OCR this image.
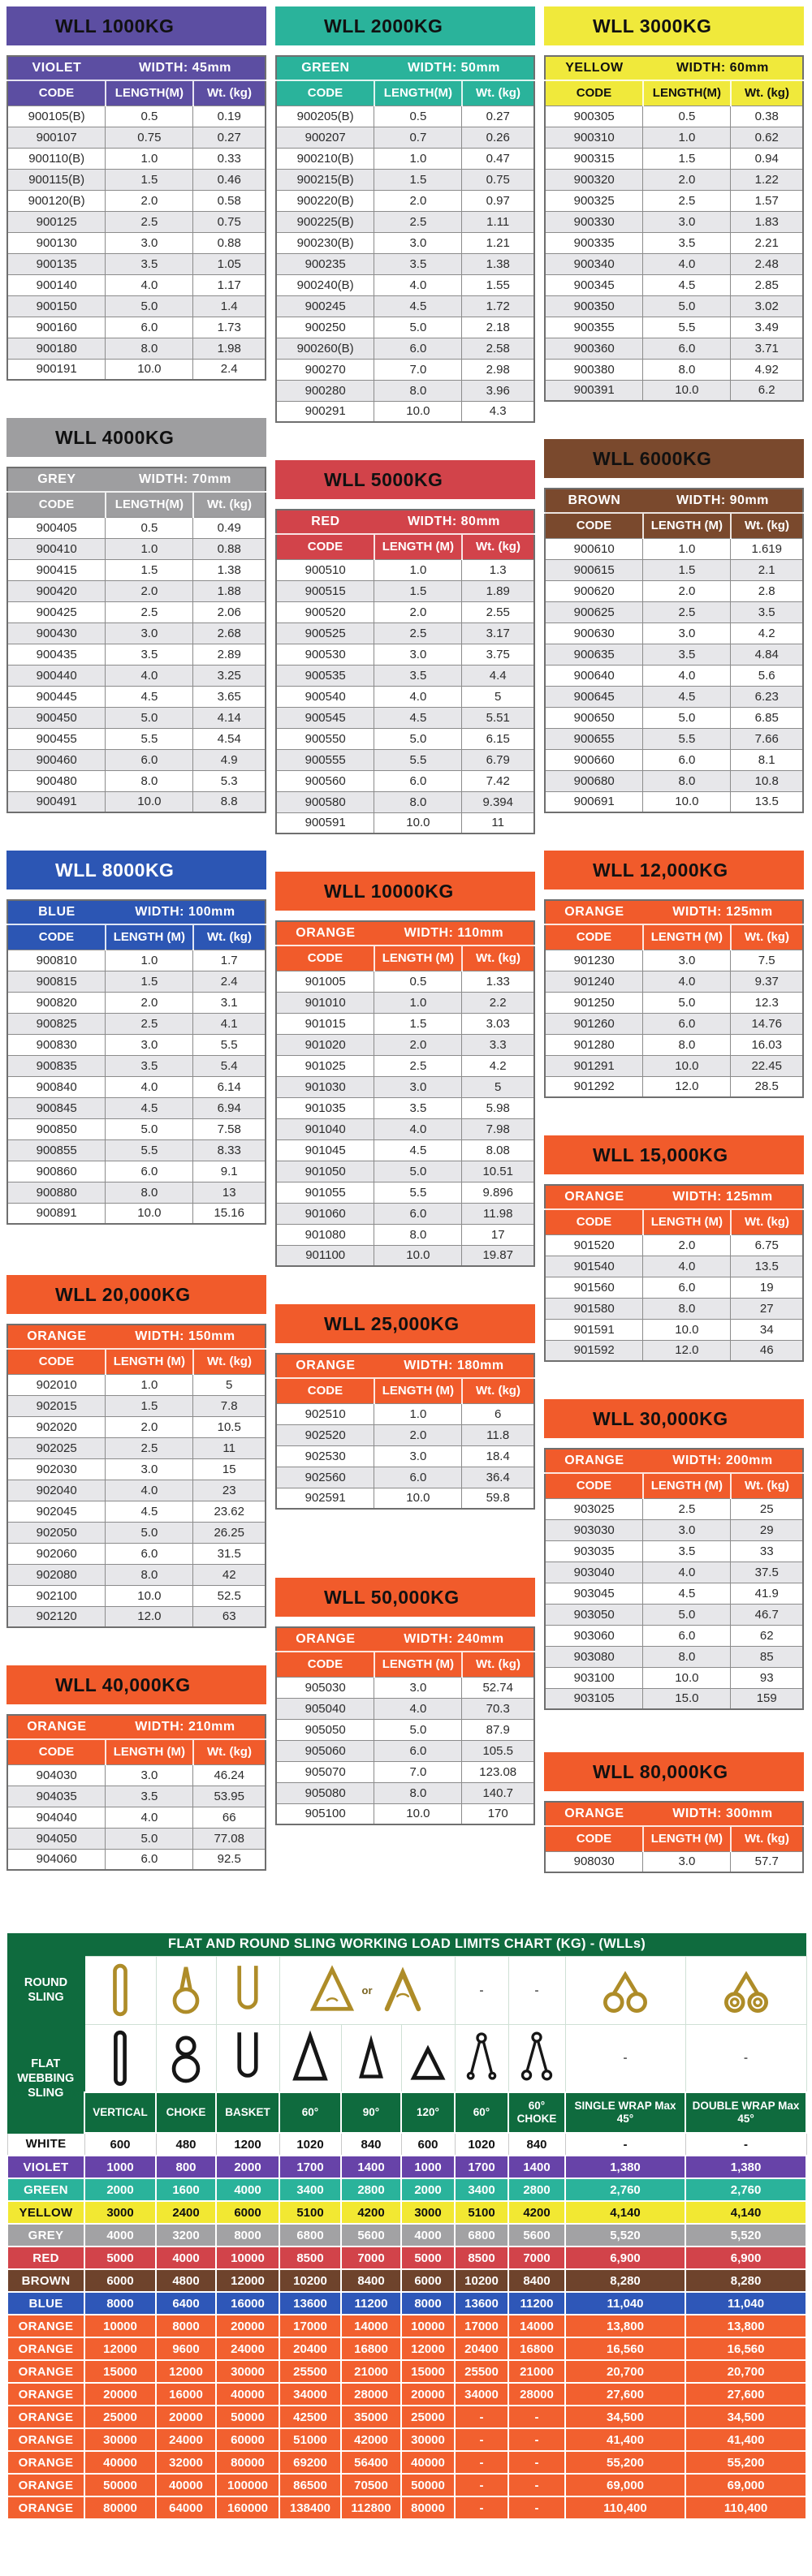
WLL 1000KG
VIOLET	WIDTH: 45mm	
CODE	LENGTH(M)	Wt. (kg)
900105(B)	0.5	0.19
900107	0.75	0.27
900110(B)	1.0	0.33
900115(B)	1.5	0.46
900120(B)	2.0	0.58
900125	2.5	0.75
900130	3.0	0.88
900135	3.5	1.05
900140	4.0	1.17
900150	5.0	1.4
900160	6.0	1.73
900180	8.0	1.98
900191	10.0	2.4
WLL 4000KG
GREY	WIDTH: 70mm	
CODE	LENGTH(M)	Wt. (kg)
900405	0.5	0.49
900410	1.0	0.88
900415	1.5	1.38
900420	2.0	1.88
900425	2.5	2.06
900430	3.0	2.68
900435	3.5	2.89
900440	4.0	3.25
900445	4.5	3.65
900450	5.0	4.14
900455	5.5	4.54
900460	6.0	4.9
900480	8.0	5.3
900491	10.0	8.8
WLL 8000KG
BLUE	WIDTH: 100mm	
CODE	LENGTH (M)	Wt. (kg)
900810	1.0	1.7
900815	1.5	2.4
900820	2.0	3.1
900825	2.5	4.1
900830	3.0	5.5
900835	3.5	5.4
900840	4.0	6.14
900845	4.5	6.94
900850	5.0	7.58
900855	5.5	8.33
900860	6.0	9.1
900880	8.0	13
900891	10.0	15.16
WLL 20,000KG
ORANGE	WIDTH: 150mm	
CODE	LENGTH (M)	Wt. (kg)
902010	1.0	5
902015	1.5	7.8
902020	2.0	10.5
902025	2.5	11
902030	3.0	15
902040	4.0	23
902045	4.5	23.62
902050	5.0	26.25
902060	6.0	31.5
902080	8.0	42
902100	10.0	52.5
902120	12.0	63
WLL 40,000KG
ORANGE	WIDTH: 210mm	
CODE	LENGTH (M)	Wt. (kg)
904030	3.0	46.24
904035	3.5	53.95
904040	4.0	66
904050	5.0	77.08
904060	6.0	92.5
WLL 2000KG
GREEN	WIDTH: 50mm	
CODE	LENGTH(M)	Wt. (kg)
900205(B)	0.5	0.27
900207	0.7	0.26
900210(B)	1.0	0.47
900215(B)	1.5	0.75
900220(B)	2.0	0.97
900225(B)	2.5	1.11
900230(B)	3.0	1.21
900235	3.5	1.38
900240(B)	4.0	1.55
900245	4.5	1.72
900250	5.0	2.18
900260(B)	6.0	2.58
900270	7.0	2.98
900280	8.0	3.96
900291	10.0	4.3
WLL 5000KG
RED	WIDTH: 80mm	
CODE	LENGTH (M)	Wt. (kg)
900510	1.0	1.3
900515	1.5	1.89
900520	2.0	2.55
900525	2.5	3.17
900530	3.0	3.75
900535	3.5	4.4
900540	4.0	5
900545	4.5	5.51
900550	5.0	6.15
900555	5.5	6.79
900560	6.0	7.42
900580	8.0	9.394
900591	10.0	11
WLL 10000KG
ORANGE	WIDTH: 110mm	
CODE	LENGTH (M)	Wt. (kg)
901005	0.5	1.33
901010	1.0	2.2
901015	1.5	3.03
901020	2.0	3.3
901025	2.5	4.2
901030	3.0	5
901035	3.5	5.98
901040	4.0	7.98
901045	4.5	8.08
901050	5.0	10.51
901055	5.5	9.896
901060	6.0	11.98
901080	8.0	17
901100	10.0	19.87
WLL 25,000KG
ORANGE	WIDTH: 180mm	
CODE	LENGTH (M)	Wt. (kg)
902510	1.0	6
902520	2.0	11.8
902530	3.0	18.4
902560	6.0	36.4
902591	10.0	59.8
WLL 50,000KG
ORANGE	WIDTH: 240mm	
CODE	LENGTH (M)	Wt. (kg)
905030	3.0	52.74
905040	4.0	70.3
905050	5.0	87.9
905060	6.0	105.5
905070	7.0	123.08
905080	8.0	140.7
905100	10.0	170
WLL 3000KG
YELLOW	WIDTH: 60mm	
CODE	LENGTH(M)	Wt. (kg)
900305	0.5	0.38
900310	1.0	0.62
900315	1.5	0.94
900320	2.0	1.22
900325	2.5	1.57
900330	3.0	1.83
900335	3.5	2.21
900340	4.0	2.48
900345	4.5	2.85
900350	5.0	3.02
900355	5.5	3.49
900360	6.0	3.71
900380	8.0	4.92
900391	10.0	6.2
WLL 6000KG
BROWN	WIDTH: 90mm	
CODE	LENGTH (M)	Wt. (kg)
900610	1.0	1.619
900615	1.5	2.1
900620	2.0	2.8
900625	2.5	3.5
900630	3.0	4.2
900635	3.5	4.84
900640	4.0	5.6
900645	4.5	6.23
900650	5.0	6.85
900655	5.5	7.66
900660	6.0	8.1
900680	8.0	10.8
900691	10.0	13.5
WLL 12,000KG
ORANGE	WIDTH: 125mm	
CODE	LENGTH (M)	Wt. (kg)
901230	3.0	7.5
901240	4.0	9.37
901250	5.0	12.3
901260	6.0	14.76
901280	8.0	16.03
901291	10.0	22.45
901292	12.0	28.5
WLL 15,000KG
ORANGE	WIDTH: 125mm	
CODE	LENGTH (M)	Wt. (kg)
901520	2.0	6.75
901540	4.0	13.5
901560	6.0	19
901580	8.0	27
901591	10.0	34
901592	12.0	46
WLL 30,000KG
ORANGE	WIDTH: 200mm	
CODE	LENGTH (M)	Wt. (kg)
903025	2.5	25
903030	3.0	29
903035	3.5	33
903040	4.0	37.5
903045	4.5	41.9
903050	5.0	46.7
903060	6.0	62
903080	8.0	85
903100	10.0	93
903105	15.0	159
WLL 80,000KG
ORANGE	WIDTH: 300mm	
CODE	LENGTH (M)	Wt. (kg)
908030	3.0	57.7
FLAT AND ROUND SLING WORKING LOAD LIMITS CHART (KG) - (WLLs)										
ROUND SLING				or			-	-		
FLAT WEBBING SLING									-	-
	VERTICAL	CHOKE	BASKET	60°	90°	120°	60°	60° CHOKE	SINGLE WRAP Max 45°	DOUBLE WRAP Max 45°
WHITE	600	480	1200	1020	840	600	1020	840	-	-
VIOLET	1000	800	2000	1700	1400	1000	1700	1400	1,380	1,380
GREEN	2000	1600	4000	3400	2800	2000	3400	2800	2,760	2,760
YELLOW	3000	2400	6000	5100	4200	3000	5100	4200	4,140	4,140
GREY	4000	3200	8000	6800	5600	4000	6800	5600	5,520	5,520
RED	5000	4000	10000	8500	7000	5000	8500	7000	6,900	6,900
BROWN	6000	4800	12000	10200	8400	6000	10200	8400	8,280	8,280
BLUE	8000	6400	16000	13600	11200	8000	13600	11200	11,040	11,040
ORANGE	10000	8000	20000	17000	14000	10000	17000	14000	13,800	13,800
ORANGE	12000	9600	24000	20400	16800	12000	20400	16800	16,560	16,560
ORANGE	15000	12000	30000	25500	21000	15000	25500	21000	20,700	20,700
ORANGE	20000	16000	40000	34000	28000	20000	34000	28000	27,600	27,600
ORANGE	25000	20000	50000	42500	35000	25000	-	-	34,500	34,500
ORANGE	30000	24000	60000	51000	42000	30000	-	-	41,400	41,400
ORANGE	40000	32000	80000	69200	56400	40000	-	-	55,200	55,200
ORANGE	50000	40000	100000	86500	70500	50000	-	-	69,000	69,000
ORANGE	80000	64000	160000	138400	112800	80000	-	-	110,400	110,400
